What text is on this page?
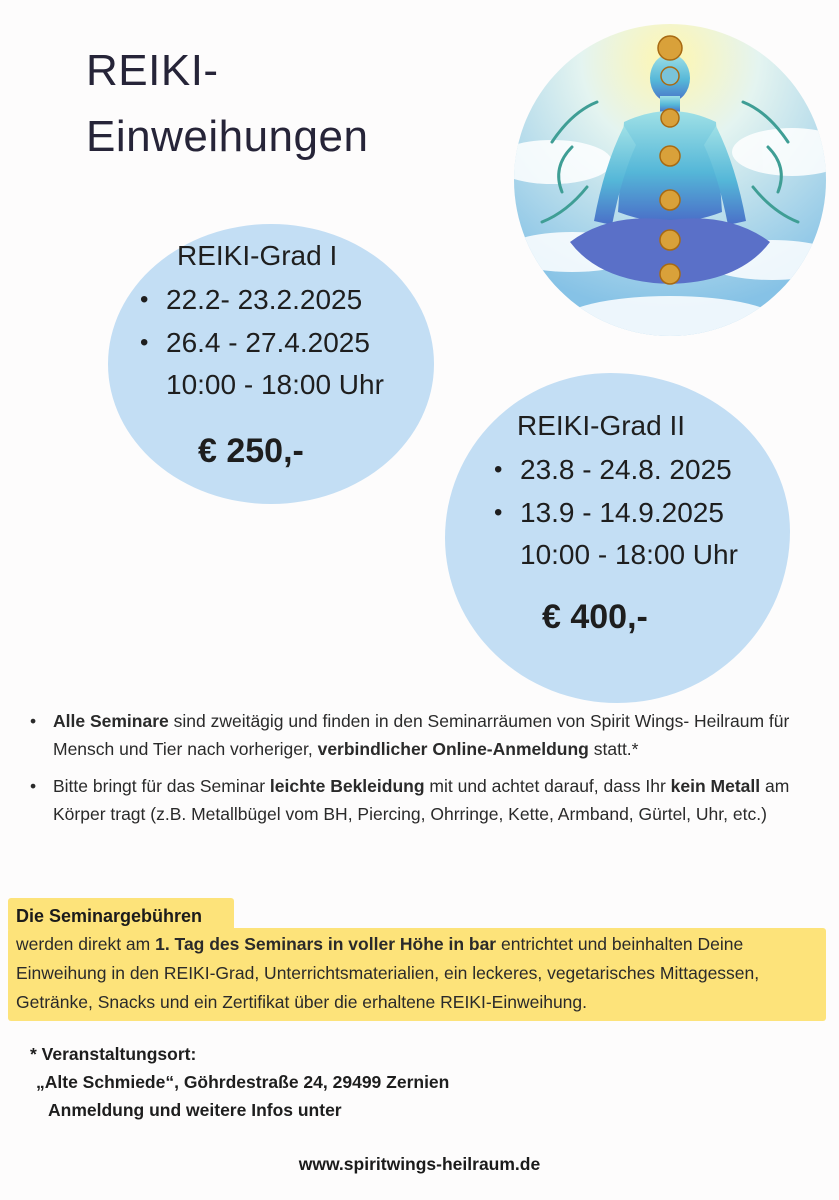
REIKI-
Einweihungen
REIKI-Grad I
• 22.2- 23.2.2025
• 26.4 - 27.4.2025
10:00 - 18:00 Uhr
€ 250,-
REIKI-Grad II
• 23.8 - 24.8. 2025
• 13.9 - 14.9.2025
10:00 - 18:00 Uhr
€ 400,-
• Alle Seminare sind zweitägig und finden in den Seminarräumen von Spirit Wings- Heilraum für Mensch und Tier nach vorheriger, verbindlicher Online-Anmeldung statt.*
• Bitte bringt für das Seminar leichte Bekleidung mit und achtet darauf, dass Ihr kein Metall am Körper tragt (z.B. Metallbügel vom BH, Piercing, Ohrringe, Kette, Armband, Gürtel, Uhr, etc.)
Die Seminargebühren
werden direkt am 1. Tag des Seminars in voller Höhe in bar entrichtet und beinhalten Deine Einweihung in den REIKI-Grad, Unterrichtsmaterialien, ein leckeres, vegetarisches Mittagessen, Getränke, Snacks und ein Zertifikat über die erhaltene REIKI-Einweihung.
* Veranstaltungsort:
„Alte Schmiede“, Göhrdestraße 24, 29499 Zernien
Anmeldung und weitere Infos unter
www.spiritwings-heilraum.de
